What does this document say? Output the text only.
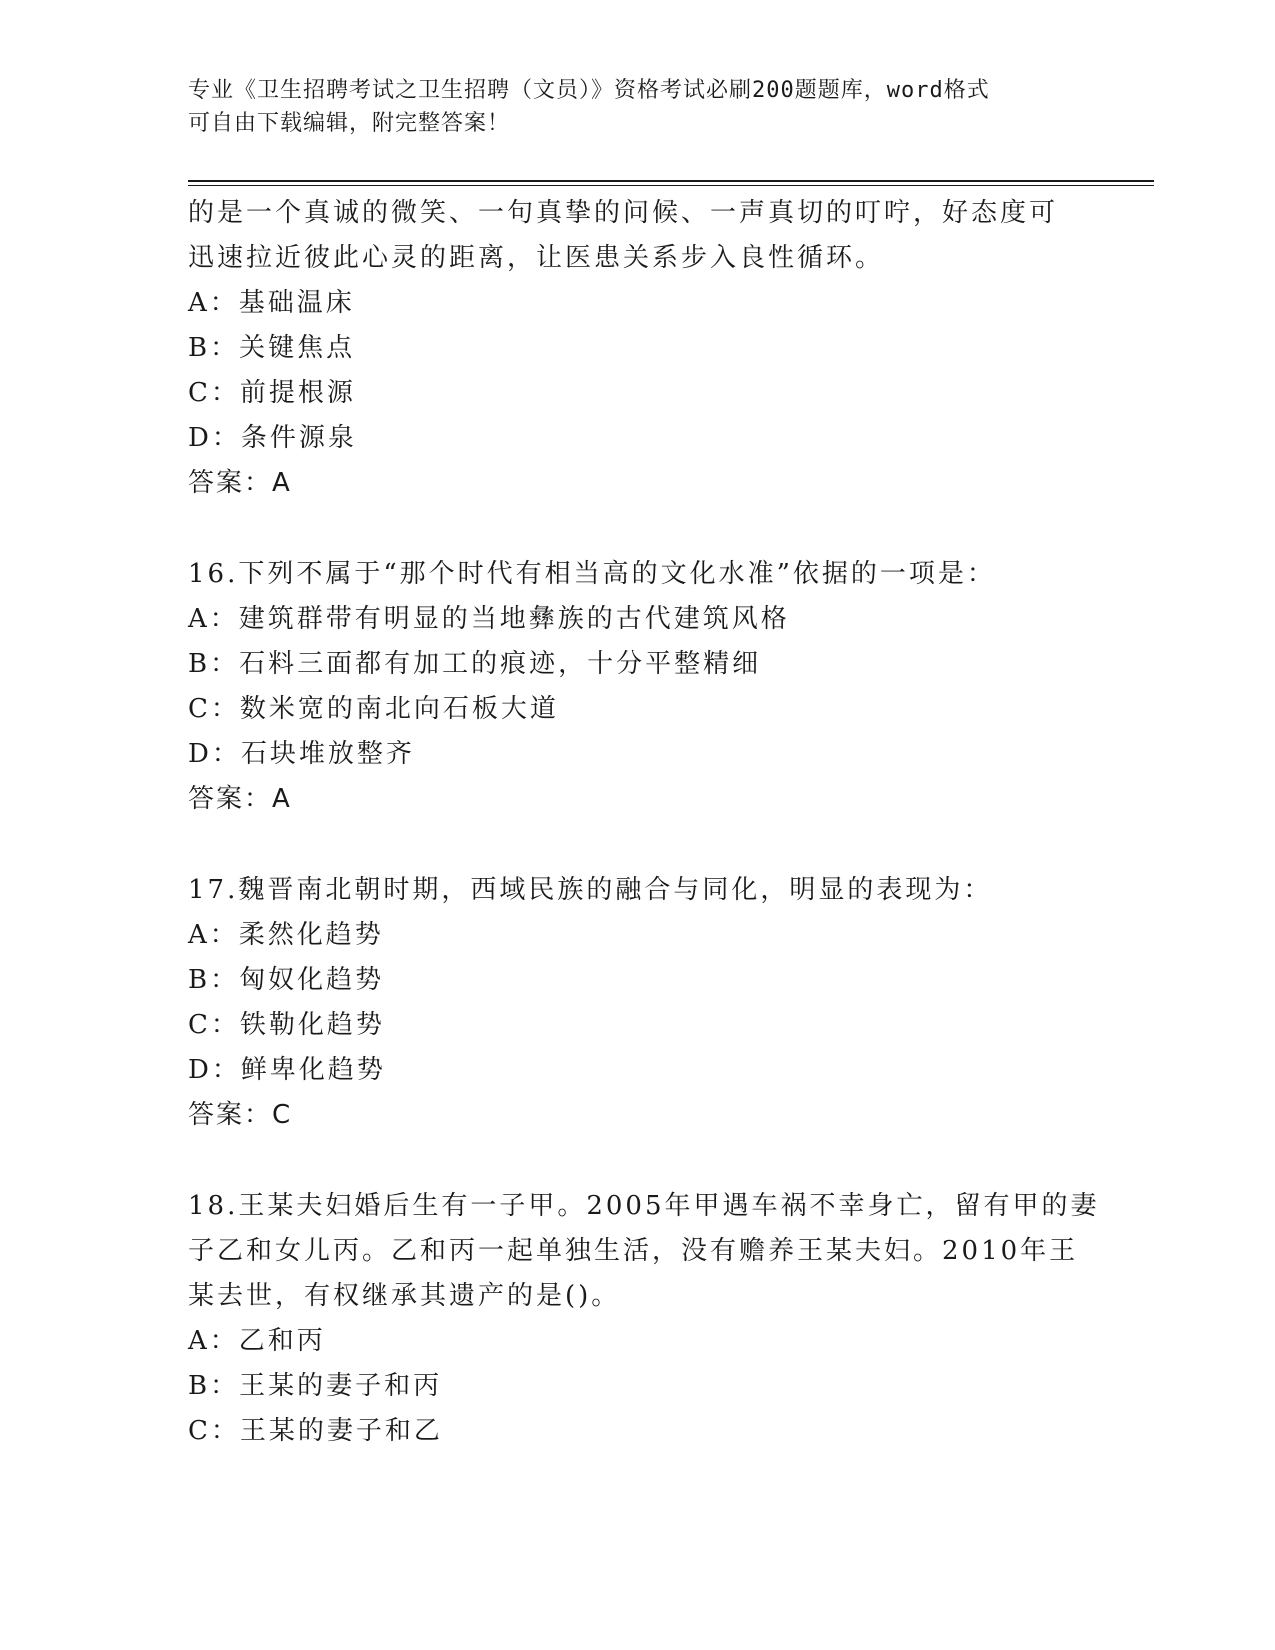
专业《卫生招聘考试之卫生招聘（文员）》资格考试必刷200题题库，word格式
可自由下载编辑，附完整答案！
的是一个真诚的微笑、一句真挚的问候、一声真切的叮咛，好态度可
迅速拉近彼此心灵的距离，让医患关系步入良性循环。
A：基础温床
B：关键焦点
C：前提根源
D：条件源泉
答案：A
16.下列不属于“那个时代有相当高的文化水准”依据的一项是：
A：建筑群带有明显的当地彝族的古代建筑风格
B：石料三面都有加工的痕迹，十分平整精细
C：数米宽的南北向石板大道
D：石块堆放整齐
答案：A
17.魏晋南北朝时期，西域民族的融合与同化，明显的表现为：
A：柔然化趋势
B：匈奴化趋势
C：铁勒化趋势
D：鲜卑化趋势
答案：C
18.王某夫妇婚后生有一子甲。2005年甲遇车祸不幸身亡，留有甲的妻
子乙和女儿丙。乙和丙一起单独生活，没有赡养王某夫妇。2010年王
某去世，有权继承其遗产的是()。
A：乙和丙
B：王某的妻子和丙
C：王某的妻子和乙
